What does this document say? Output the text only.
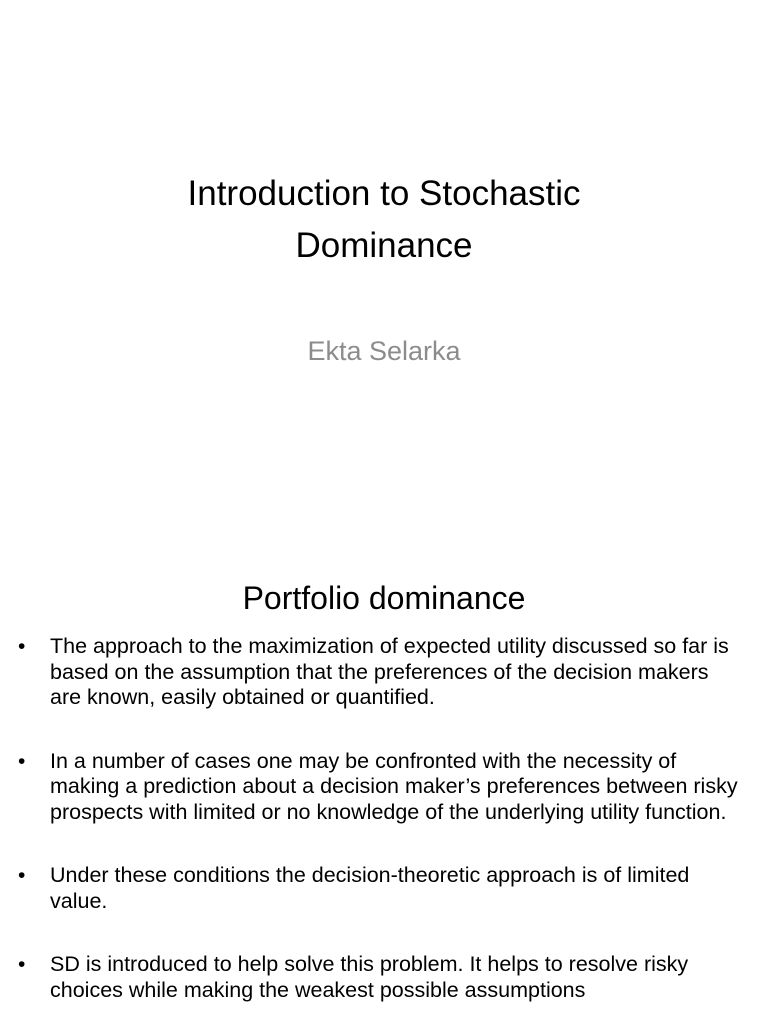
Introduction to Stochastic
Dominance

Ekta Selarka

Portfolio dominance
• The approach to the maximization of expected utility discussed so far is based on the assumption that the preferences of the decision makers are known, easily obtained or quantified.
• In a number of cases one may be confronted with the necessity of making a prediction about a decision maker’s preferences between risky prospects with limited or no knowledge of the underlying utility function.
• Under these conditions the decision-theoretic approach is of limited value.
• SD is introduced to help solve this problem. It helps to resolve risky choices while making the weakest possible assumptions
